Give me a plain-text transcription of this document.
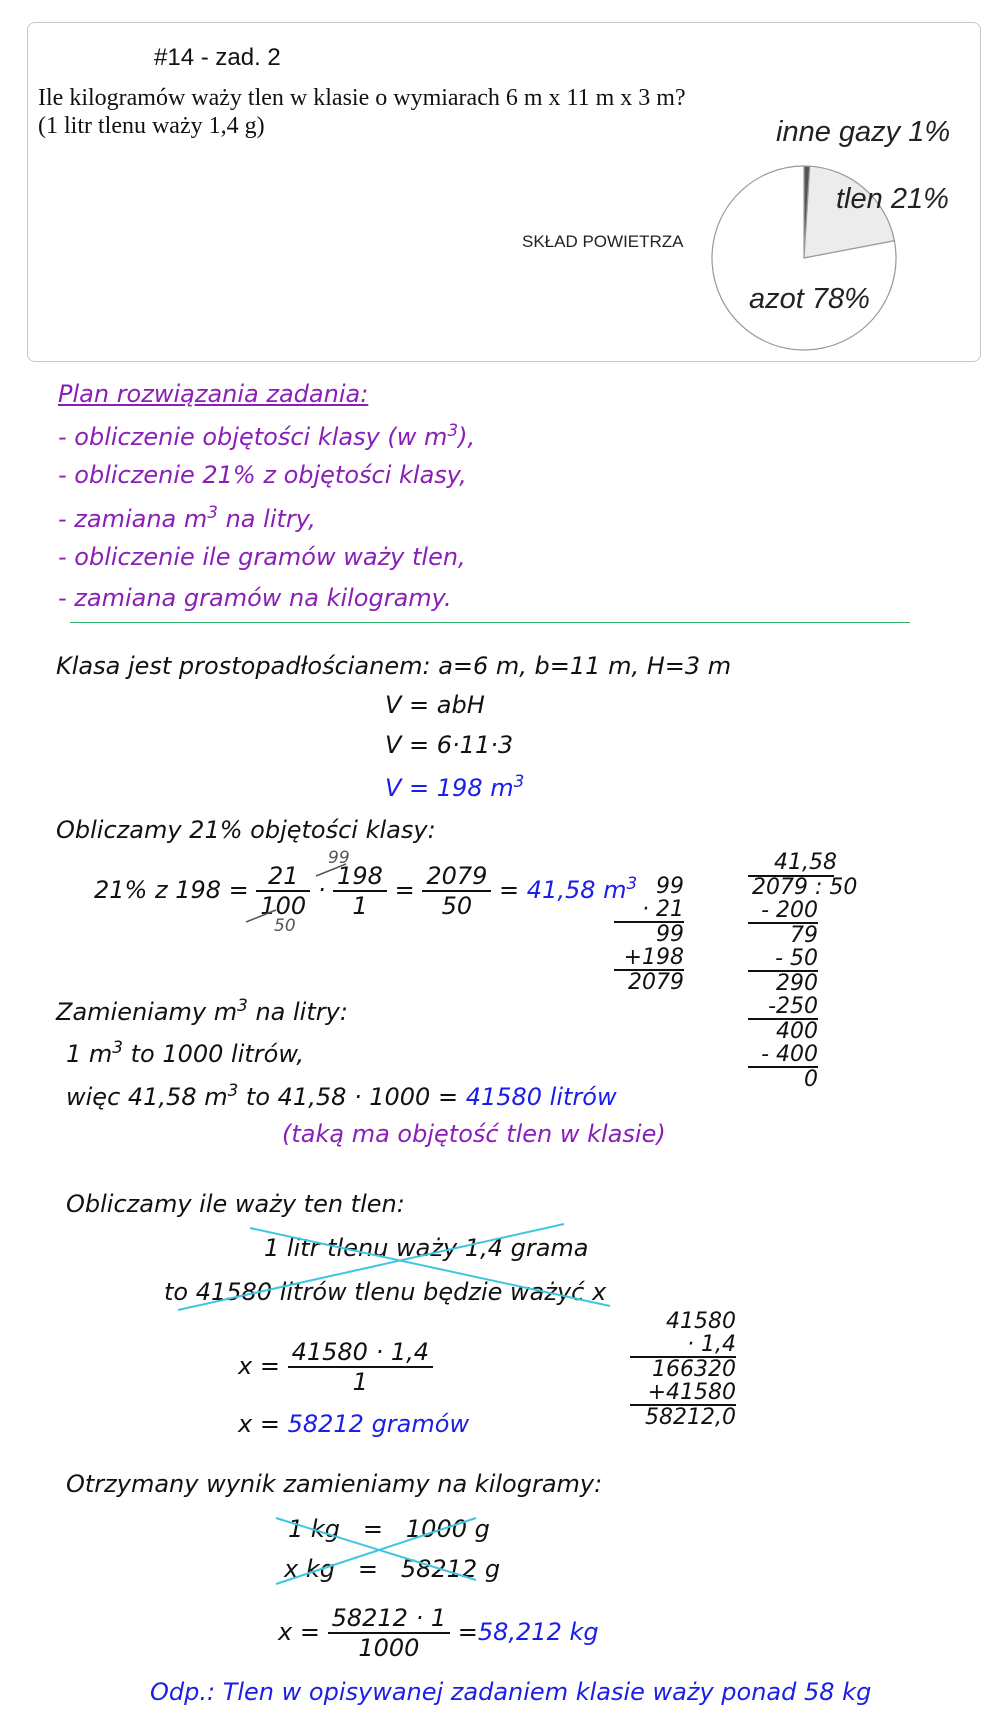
#14 - zad. 2
Ile kilogramów waży tlen w klasie o wymiarach 6 m x 11 m x 3 m?
(1 litr tlenu waży 1,4 g)
SKŁAD POWIETRZA
inne gazy 1%
tlen 21%
azot 78%
Plan rozwiązania zadania:
- obliczenie objętości klasy (w $m^3$),
- obliczenie 21% z objętości klasy,
- zamiana $m^3$ na litry,
- obliczenie ile gramów waży tlen,
- zamiana gramów na kilogramy.
Klasa jest prostopadłościanem: a=6 m, b=11 m, H=3 m
V = abH
V = 6·11·3
V = 198 $m^3$
Obliczamy 21% objętości klasy:
21% z $198 = \frac{21}{100} \cdot \frac{198}{1} = \frac{2079}{50} = 41,58$ $m^3$
99
50
99
· 21
99
+198
2079
41,58
2079 : 50
- 200
79
- 50
290
-250
400
- 400
0
Zamieniamy $m^3$ na litry:
1 $m^3$ to 1000 litrów,
więc 41,58 $m^3$ to 41,58 · 1000 = 41580 litrów
(taką ma objętość tlen w klasie)
Obliczamy ile waży ten tlen:
1 litr tlenu waży 1,4 grama
to 41580 litrów tlenu będzie ważyć x
$x = \frac{41580 \cdot 1,4}{1}$
x = 58212 gramów
41580
· 1,4
166320
+41580
58212,0
Otrzymany wynik zamieniamy na kilogramy:
1 kg   =   1000 g
x kg   =   58212 g
$x = \frac{58212 \cdot 1}{1000} =58,212$ kg
Odp.: Tlen w opisywanej zadaniem klasie waży ponad 58 kg
